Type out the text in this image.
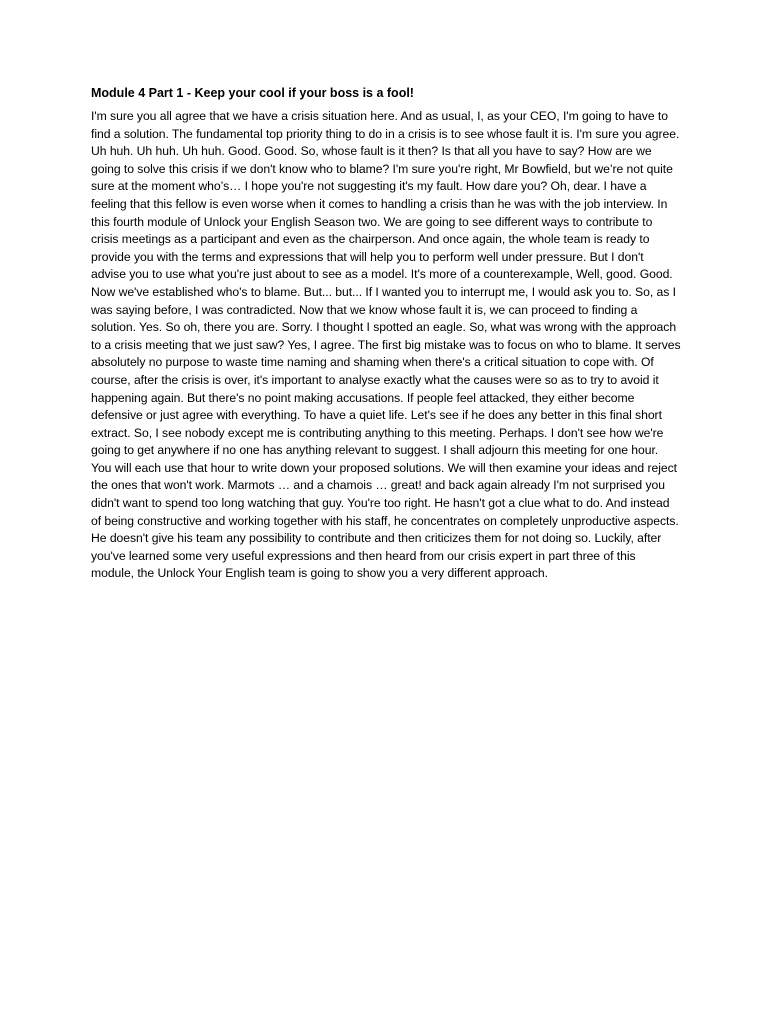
Module 4 Part 1 - Keep your cool if your boss is a fool!

I'm sure you all agree that we have a crisis situation here. And as usual, I, as your CEO, I'm going to have to find a solution. The fundamental top priority thing to do in a crisis is to see whose fault it is. I'm sure you agree. Uh huh. Uh huh. Uh huh. Good. Good. So, whose fault is it then? Is that all you have to say? How are we going to solve this crisis if we don't know who to blame? I'm sure you're right, Mr Bowfield, but we’re not quite sure at the moment who’s… I hope you're not suggesting it's my fault. How dare you? Oh, dear. I have a feeling that this fellow is even worse when it comes to handling a crisis than he was with the job interview. In this fourth module of Unlock your English Season two. We are going to see different ways to contribute to crisis meetings as a participant and even as the chairperson. And once again, the whole team is ready to provide you with the terms and expressions that will help you to perform well under pressure. But I don't advise you to use what you're just about to see as a model. It's more of a counterexample, Well, good. Good. Now we've established who's to blame. But... but... If I wanted you to interrupt me, I would ask you to. So, as I was saying before, I was contradicted. Now that we know whose fault it is, we can proceed to finding a solution. Yes. So oh, there you are. Sorry. I thought I spotted an eagle. So, what was wrong with the approach to a crisis meeting that we just saw? Yes, I agree. The first big mistake was to focus on who to blame. It serves absolutely no purpose to waste time naming and shaming when there's a critical situation to cope with. Of course, after the crisis is over, it's important to analyse exactly what the causes were so as to try to avoid it happening again. But there's no point making accusations. If people feel attacked, they either become defensive or just agree with everything. To have a quiet life. Let's see if he does any better in this final short extract. So, I see nobody except me is contributing anything to this meeting. Perhaps. I don't see how we're going to get anywhere if no one has anything relevant to suggest. I shall adjourn this meeting for one hour. You will each use that hour to write down your proposed solutions. We will then examine your ideas and reject the ones that won't work. Marmots … and a chamois … great! and back again already I'm not surprised you didn't want to spend too long watching that guy. You're too right. He hasn't got a clue what to do. And instead of being constructive and working together with his staff, he concentrates on completely unproductive aspects. He doesn't give his team any possibility to contribute and then criticizes them for not doing so. Luckily, after you've learned some very useful expressions and then heard from our crisis expert in part three of this module, the Unlock Your English team is going to show you a very different approach.
